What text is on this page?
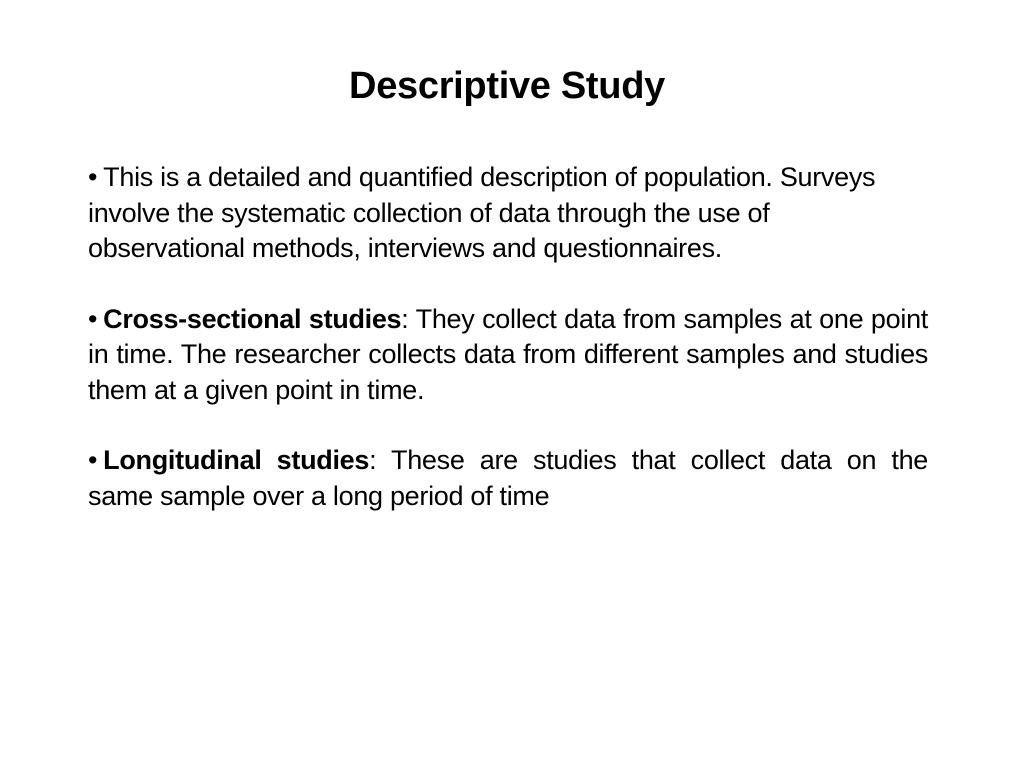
Descriptive Study
• This is a detailed and quantified description of population. Surveys involve the systematic collection of data through the use of observational methods, interviews and questionnaires.
• Cross-sectional studies: They collect data from samples at one point in time. The researcher collects data from different samples and studies them at a given point in time.
• Longitudinal studies: These are studies that collect data on the same sample over a long period of time
